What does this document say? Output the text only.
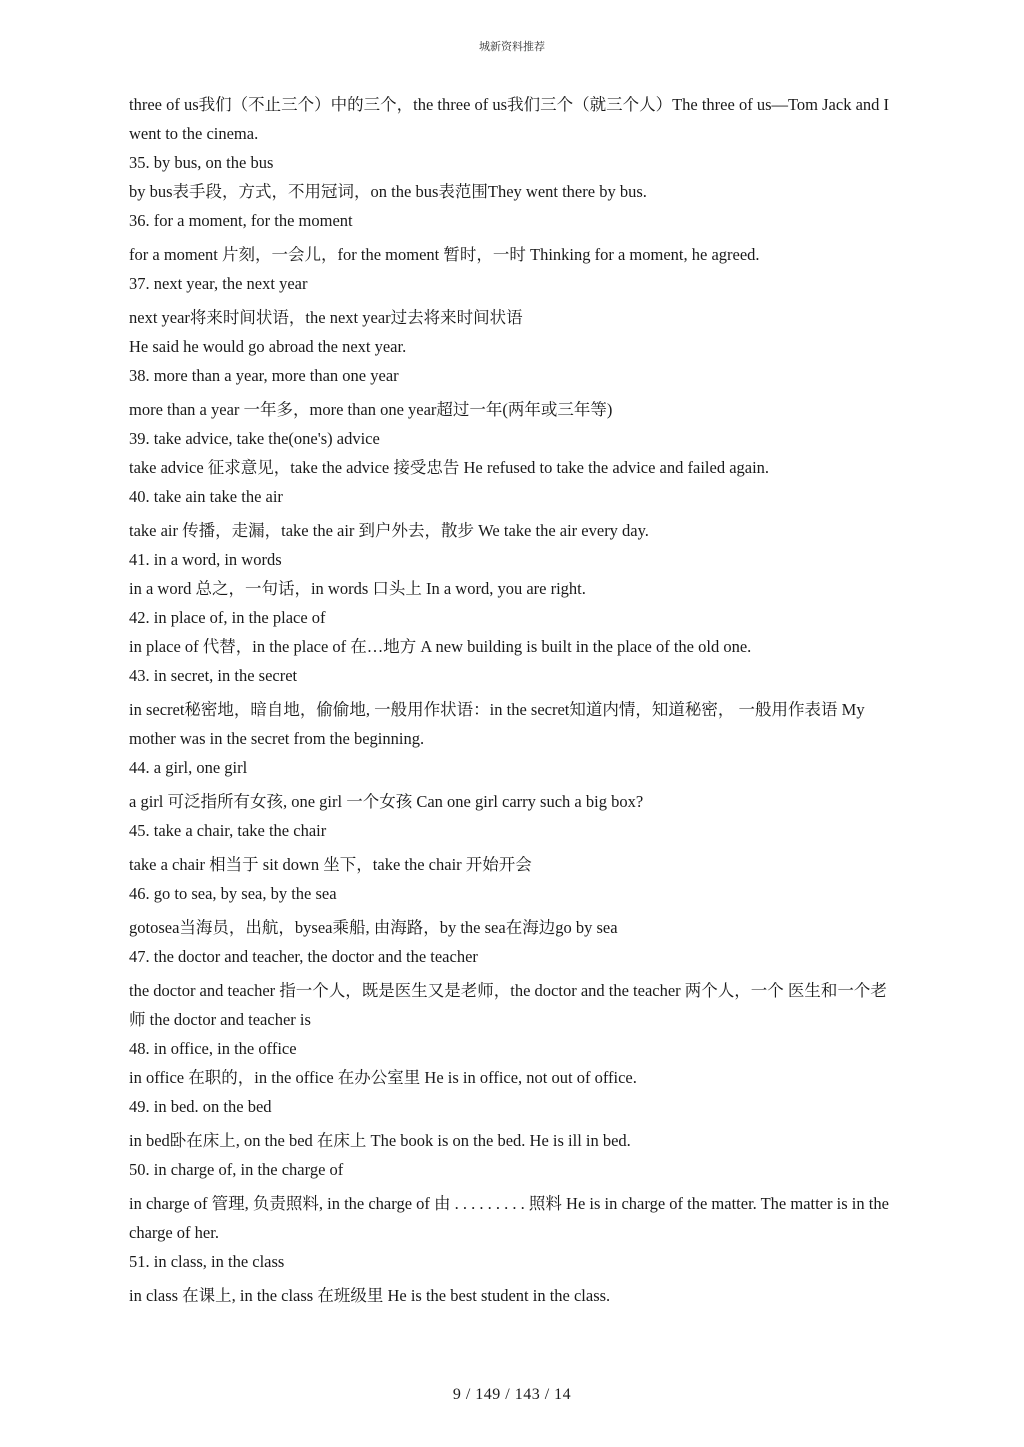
城新资料推荐
three of us我们（不止三个）中的三个，the three of us我们三个（就三个人）The three of us—Tom Jack and I went to the cinema.
35. by bus, on the bus
by bus表手段，方式，不用冠词，on the bus表范围They went there by bus.
36. for a moment, for the moment
for a moment 片刻，一会儿，for the moment 暂时，一时 Thinking for a moment, he agreed.
37. next year, the next year
next year将来时间状语，the next year过去将来时间状语
He said he would go abroad the next year.
38. more than a year, more than one year
more than a year 一年多，more than one year超过一年(两年或三年等)
39. take advice, take the(one's) advice
take advice 征求意见，take the advice 接受忠告 He refused to take the advice and failed again.
40. take ain take the air
take air 传播，走漏，take the air 到户外去，散步 We take the air every day.
41. in a word, in words
in a word 总之，一句话，in words 口头上 In a word, you are right.
42. in place of, in the place of
in place of 代替，in the place of 在…地方 A new building is built in the place of the old one.
43. in secret, in the secret
in secret秘密地，暗自地，偷偷地, 一般用作状语：in the secret知道内情，知道秘密， 一般用作表语 My mother was in the secret from the beginning.
44. a girl, one girl
a girl 可泛指所有女孩, one girl 一个女孩 Can one girl carry such a big box?
45. take a chair, take the chair
take a chair 相当于 sit down 坐下，take the chair 开始开会
46. go to sea, by sea, by the sea
gotosea当海员，出航，bysea乘船, 由海路，by the sea在海边go by sea
47. the doctor and teacher, the doctor and the teacher
the doctor and teacher 指一个人，既是医生又是老师，the doctor and the teacher 两个人，一个 医生和一个老师 the doctor and teacher is
48. in office, in the office
in office 在职的，in the office 在办公室里 He is in office, not out of office.
49. in bed. on the bed
in bed卧在床上, on the bed 在床上 The book is on the bed. He is ill in bed.
50. in charge of, in the charge of
in charge of 管理, 负责照料, in the charge of 由 . . . . . . . . . 照料 He is in charge of the matter. The matter is in the charge of her.
51. in class, in the class
in class 在课上, in the class 在班级里 He is the best student in the class.
9 / 149 / 143 / 14
